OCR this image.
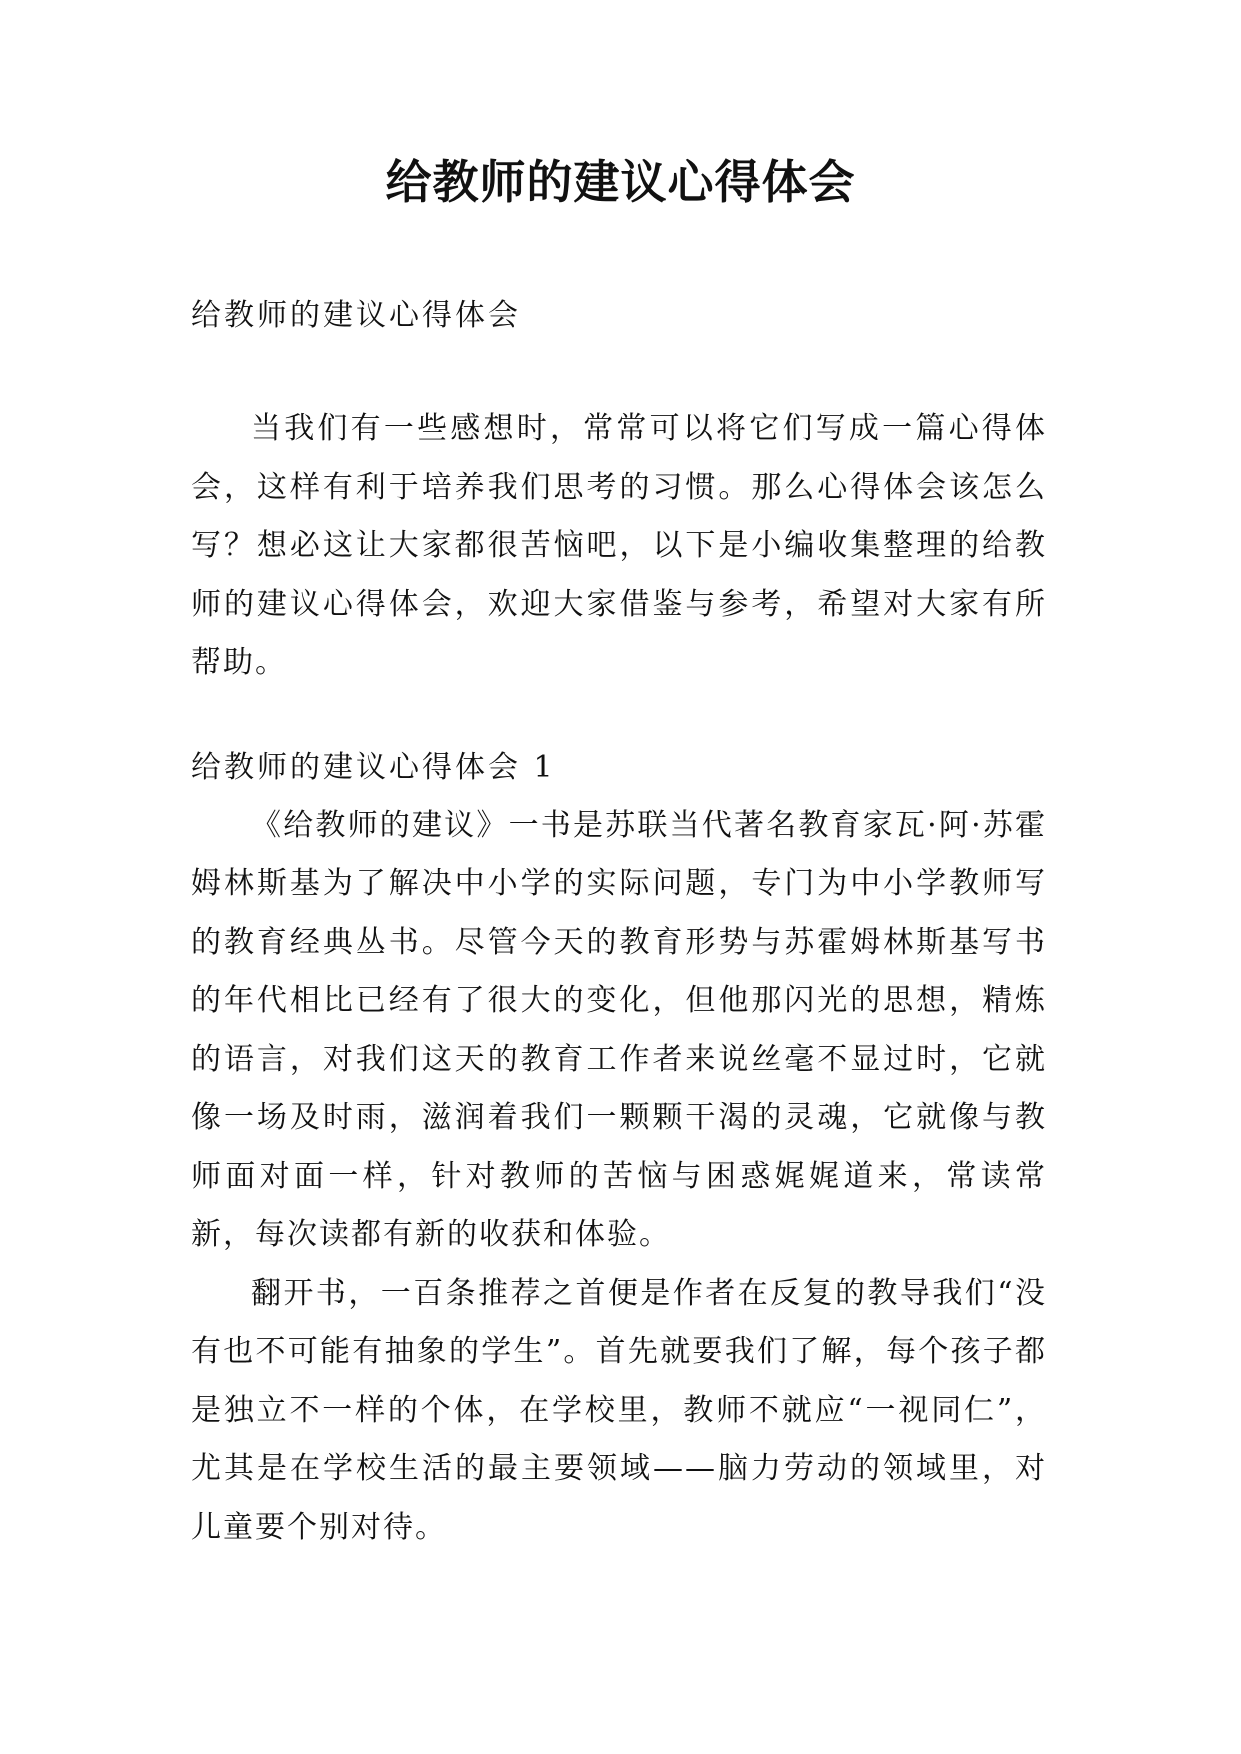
给教师的建议心得体会

给教师的建议心得体会

当我们有一些感想时，常常可以将它们写成一篇心得体会，这样有利于培养我们思考的习惯。那么心得体会该怎么写？想必这让大家都很苦恼吧，以下是小编收集整理的给教师的建议心得体会，欢迎大家借鉴与参考，希望对大家有所帮助。

给教师的建议心得体会 1

《给教师的建议》一书是苏联当代著名教育家瓦·阿·苏霍姆林斯基为了解决中小学的实际问题，专门为中小学教师写的教育经典丛书。尽管今天的教育形势与苏霍姆林斯基写书的年代相比已经有了很大的变化，但他那闪光的思想，精炼的语言，对我们这天的教育工作者来说丝毫不显过时，它就像一场及时雨，滋润着我们一颗颗干渴的灵魂，它就像与教师面对面一样，针对教师的苦恼与困惑娓娓道来，常读常新，每次读都有新的收获和体验。

翻开书，一百条推荐之首便是作者在反复的教导我们“没有也不可能有抽象的学生”。首先就要我们了解，每个孩子都是独立不一样的个体，在学校里，教师不就应“一视同仁”，尤其是在学校生活的最主要领域——脑力劳动的领域里，对儿童要个别对待。
